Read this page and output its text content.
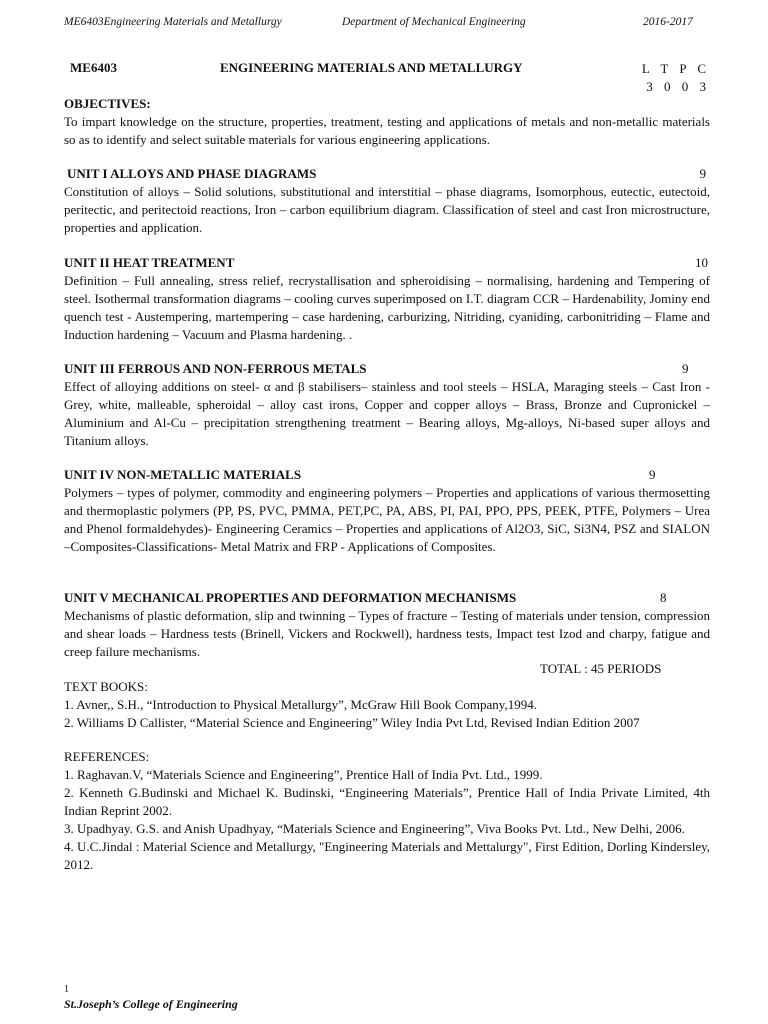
ME6403Engineering Materials and Metallurgy	Department of Mechanical Engineering	2016-2017
ME6403	ENGINEERING MATERIALS AND METALLURGY	L T P C
3 0 0 3
OBJECTIVES:
To impart knowledge on the structure, properties, treatment, testing and applications of metals and non-metallic materials so as to identify and select suitable materials for various engineering applications.
UNIT I ALLOYS AND PHASE DIAGRAMS	9
Constitution of alloys – Solid solutions, substitutional and interstitial – phase diagrams, Isomorphous, eutectic, eutectoid, peritectic, and peritectoid reactions, Iron – carbon equilibrium diagram. Classification of steel and cast Iron microstructure, properties and application.
UNIT II HEAT TREATMENT	10
Definition – Full annealing, stress relief, recrystallisation and spheroidising – normalising, hardening and Tempering of steel. Isothermal transformation diagrams – cooling curves superimposed on I.T. diagram CCR – Hardenability, Jominy end quench test - Austempering, martempering – case hardening, carburizing, Nitriding, cyaniding, carbonitriding – Flame and Induction hardening – Vacuum and Plasma hardening. .
UNIT III FERROUS AND NON-FERROUS METALS	9
Effect of alloying additions on steel- α and β stabilisers– stainless and tool steels – HSLA, Maraging steels – Cast Iron - Grey, white, malleable, spheroidal – alloy cast irons, Copper and copper alloys – Brass, Bronze and Cupronickel – Aluminium and Al-Cu – precipitation strengthening treatment – Bearing alloys, Mg-alloys, Ni-based super alloys and Titanium alloys.
UNIT IV NON-METALLIC MATERIALS	9
Polymers – types of polymer, commodity and engineering polymers – Properties and applications of various thermosetting and thermoplastic polymers (PP, PS, PVC, PMMA, PET,PC, PA, ABS, PI, PAI, PPO, PPS, PEEK, PTFE, Polymers – Urea and Phenol formaldehydes)- Engineering Ceramics – Properties and applications of Al2O3, SiC, Si3N4, PSZ and SIALON –Composites-Classifications- Metal Matrix and FRP - Applications of Composites.
UNIT V MECHANICAL PROPERTIES AND DEFORMATION MECHANISMS	8
Mechanisms of plastic deformation, slip and twinning – Types of fracture – Testing of materials under tension, compression and shear loads – Hardness tests (Brinell, Vickers and Rockwell), hardness tests, Impact test Izod and charpy, fatigue and creep failure mechanisms.
TOTAL : 45 PERIODS
TEXT BOOKS:
1. Avner,, S.H., “Introduction to Physical Metallurgy”, McGraw Hill Book Company,1994.
2. Williams D Callister, “Material Science and Engineering” Wiley India Pvt Ltd, Revised Indian Edition 2007
REFERENCES:
1. Raghavan.V, “Materials Science and Engineering”, Prentice Hall of India Pvt. Ltd., 1999.
2. Kenneth G.Budinski and Michael K. Budinski, “Engineering Materials”, Prentice Hall of India Private Limited, 4th Indian Reprint 2002.
3. Upadhyay. G.S. and Anish Upadhyay, “Materials Science and Engineering”, Viva Books Pvt. Ltd., New Delhi, 2006.
4. U.C.Jindal : Material Science and Metallurgy, "Engineering Materials and Mettalurgy", First Edition, Dorling Kindersley, 2012.
1
St.Joseph’s College of Engineering
